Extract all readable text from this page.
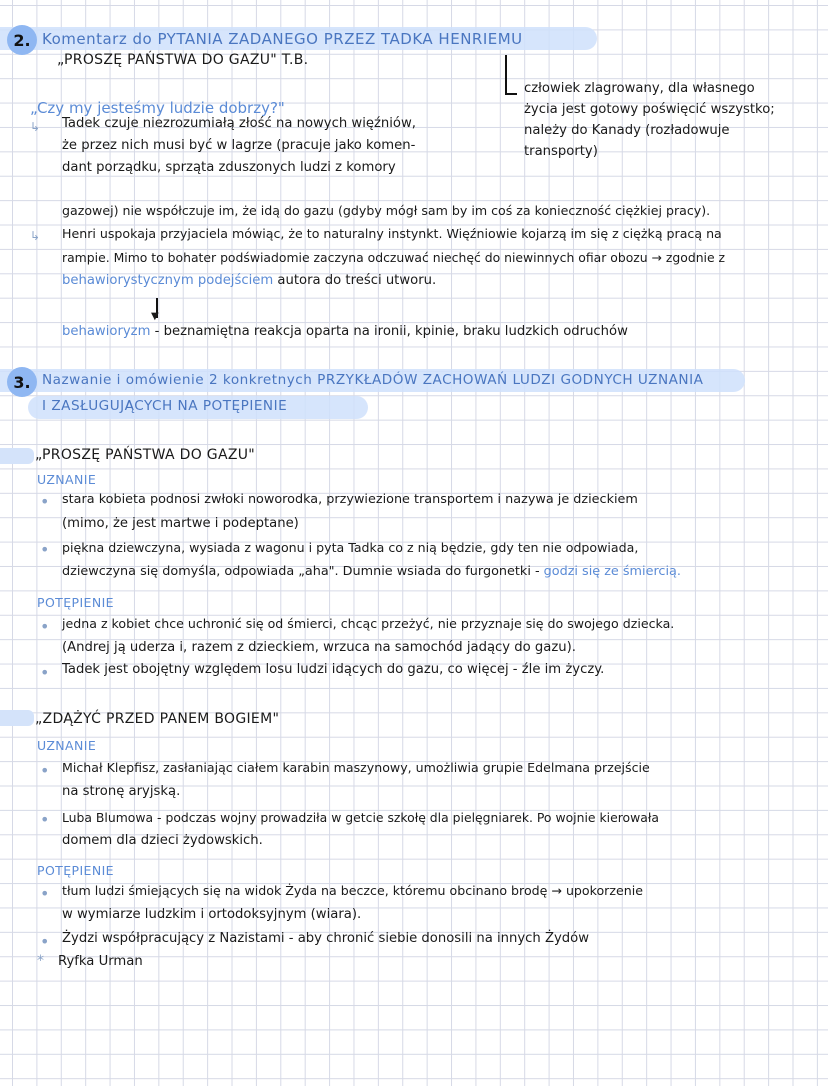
2. Komentarz do PYTANIA ZADANEGO PRZEZ TADKA HENRIEMU
„PROSZĘ PAŃSTWA DO GAZU" T.B.
człowiek zlagrowany, dla własnego
życia jest gotowy poświęcić wszystko;
należy do Kanady (rozładowuje
transporty)
„Czy my jesteśmy ludzie dobrzy?"
↳ Tadek czuje niezrozumiałą złość na nowych więźniów,
że przez nich musi być w lagrze (pracuje jako komen-
dant porządku, sprząta zduszonych ludzi z komory
gazowej) nie współczuje im, że idą do gazu (gdyby mógł sam by im coś za konieczność ciężkiej pracy).
↳ Henri uspokaja przyjaciela mówiąc, że to naturalny instynkt. Więźniowie kojarzą im się z ciężką pracą na
rampie. Mimo to bohater podświadomie zaczyna odczuwać niechęć do niewinnych ofiar obozu → zgodnie z
behawiorystycznym podejściem autora do treści utworu.
▼
behawioryzm - beznamiętna reakcja oparta na ironii, kpinie, braku ludzkich odruchów
3. Nazwanie i omówienie 2 konkretnych PRZYKŁADÓW ZACHOWAŃ LUDZI GODNYCH UZNANIA
I ZASŁUGUJĄCYCH NA POTĘPIENIE
„PROSZĘ PAŃSTWA DO GAZU"
UZNANIE
• stara kobieta podnosi zwłoki noworodka, przywiezione transportem i nazywa je dzieckiem
(mimo, że jest martwe i podeptane)
• piękna dziewczyna, wysiada z wagonu i pyta Tadka co z nią będzie, gdy ten nie odpowiada,
dziewczyna się domyśla, odpowiada „aha". Dumnie wsiada do furgonetki - godzi się ze śmiercią.
POTĘPIENIE
• jedna z kobiet chce uchronić się od śmierci, chcąc przeżyć, nie przyznaje się do swojego dziecka.
(Andrej ją uderza i, razem z dzieckiem, wrzuca na samochód jadący do gazu).
• Tadek jest obojętny względem losu ludzi idących do gazu, co więcej - źle im życzy.
„ZDĄŻYĆ PRZED PANEM BOGIEM"
UZNANIE
• Michał Klepfisz, zasłaniając ciałem karabin maszynowy, umożliwia grupie Edelmana przejście
na stronę aryjską.
• Luba Blumowa - podczas wojny prowadziła w getcie szkołę dla pielęgniarek. Po wojnie kierowała
domem dla dzieci żydowskich.
POTĘPIENIE
• tłum ludzi śmiejących się na widok Żyda na beczce, któremu obcinano brodę → upokorzenie
w wymiarze ludzkim i ortodoksyjnym (wiara).
• Żydzi współpracujący z Nazistami - aby chronić siebie donosili na innych Żydów
* Ryfka Urman
